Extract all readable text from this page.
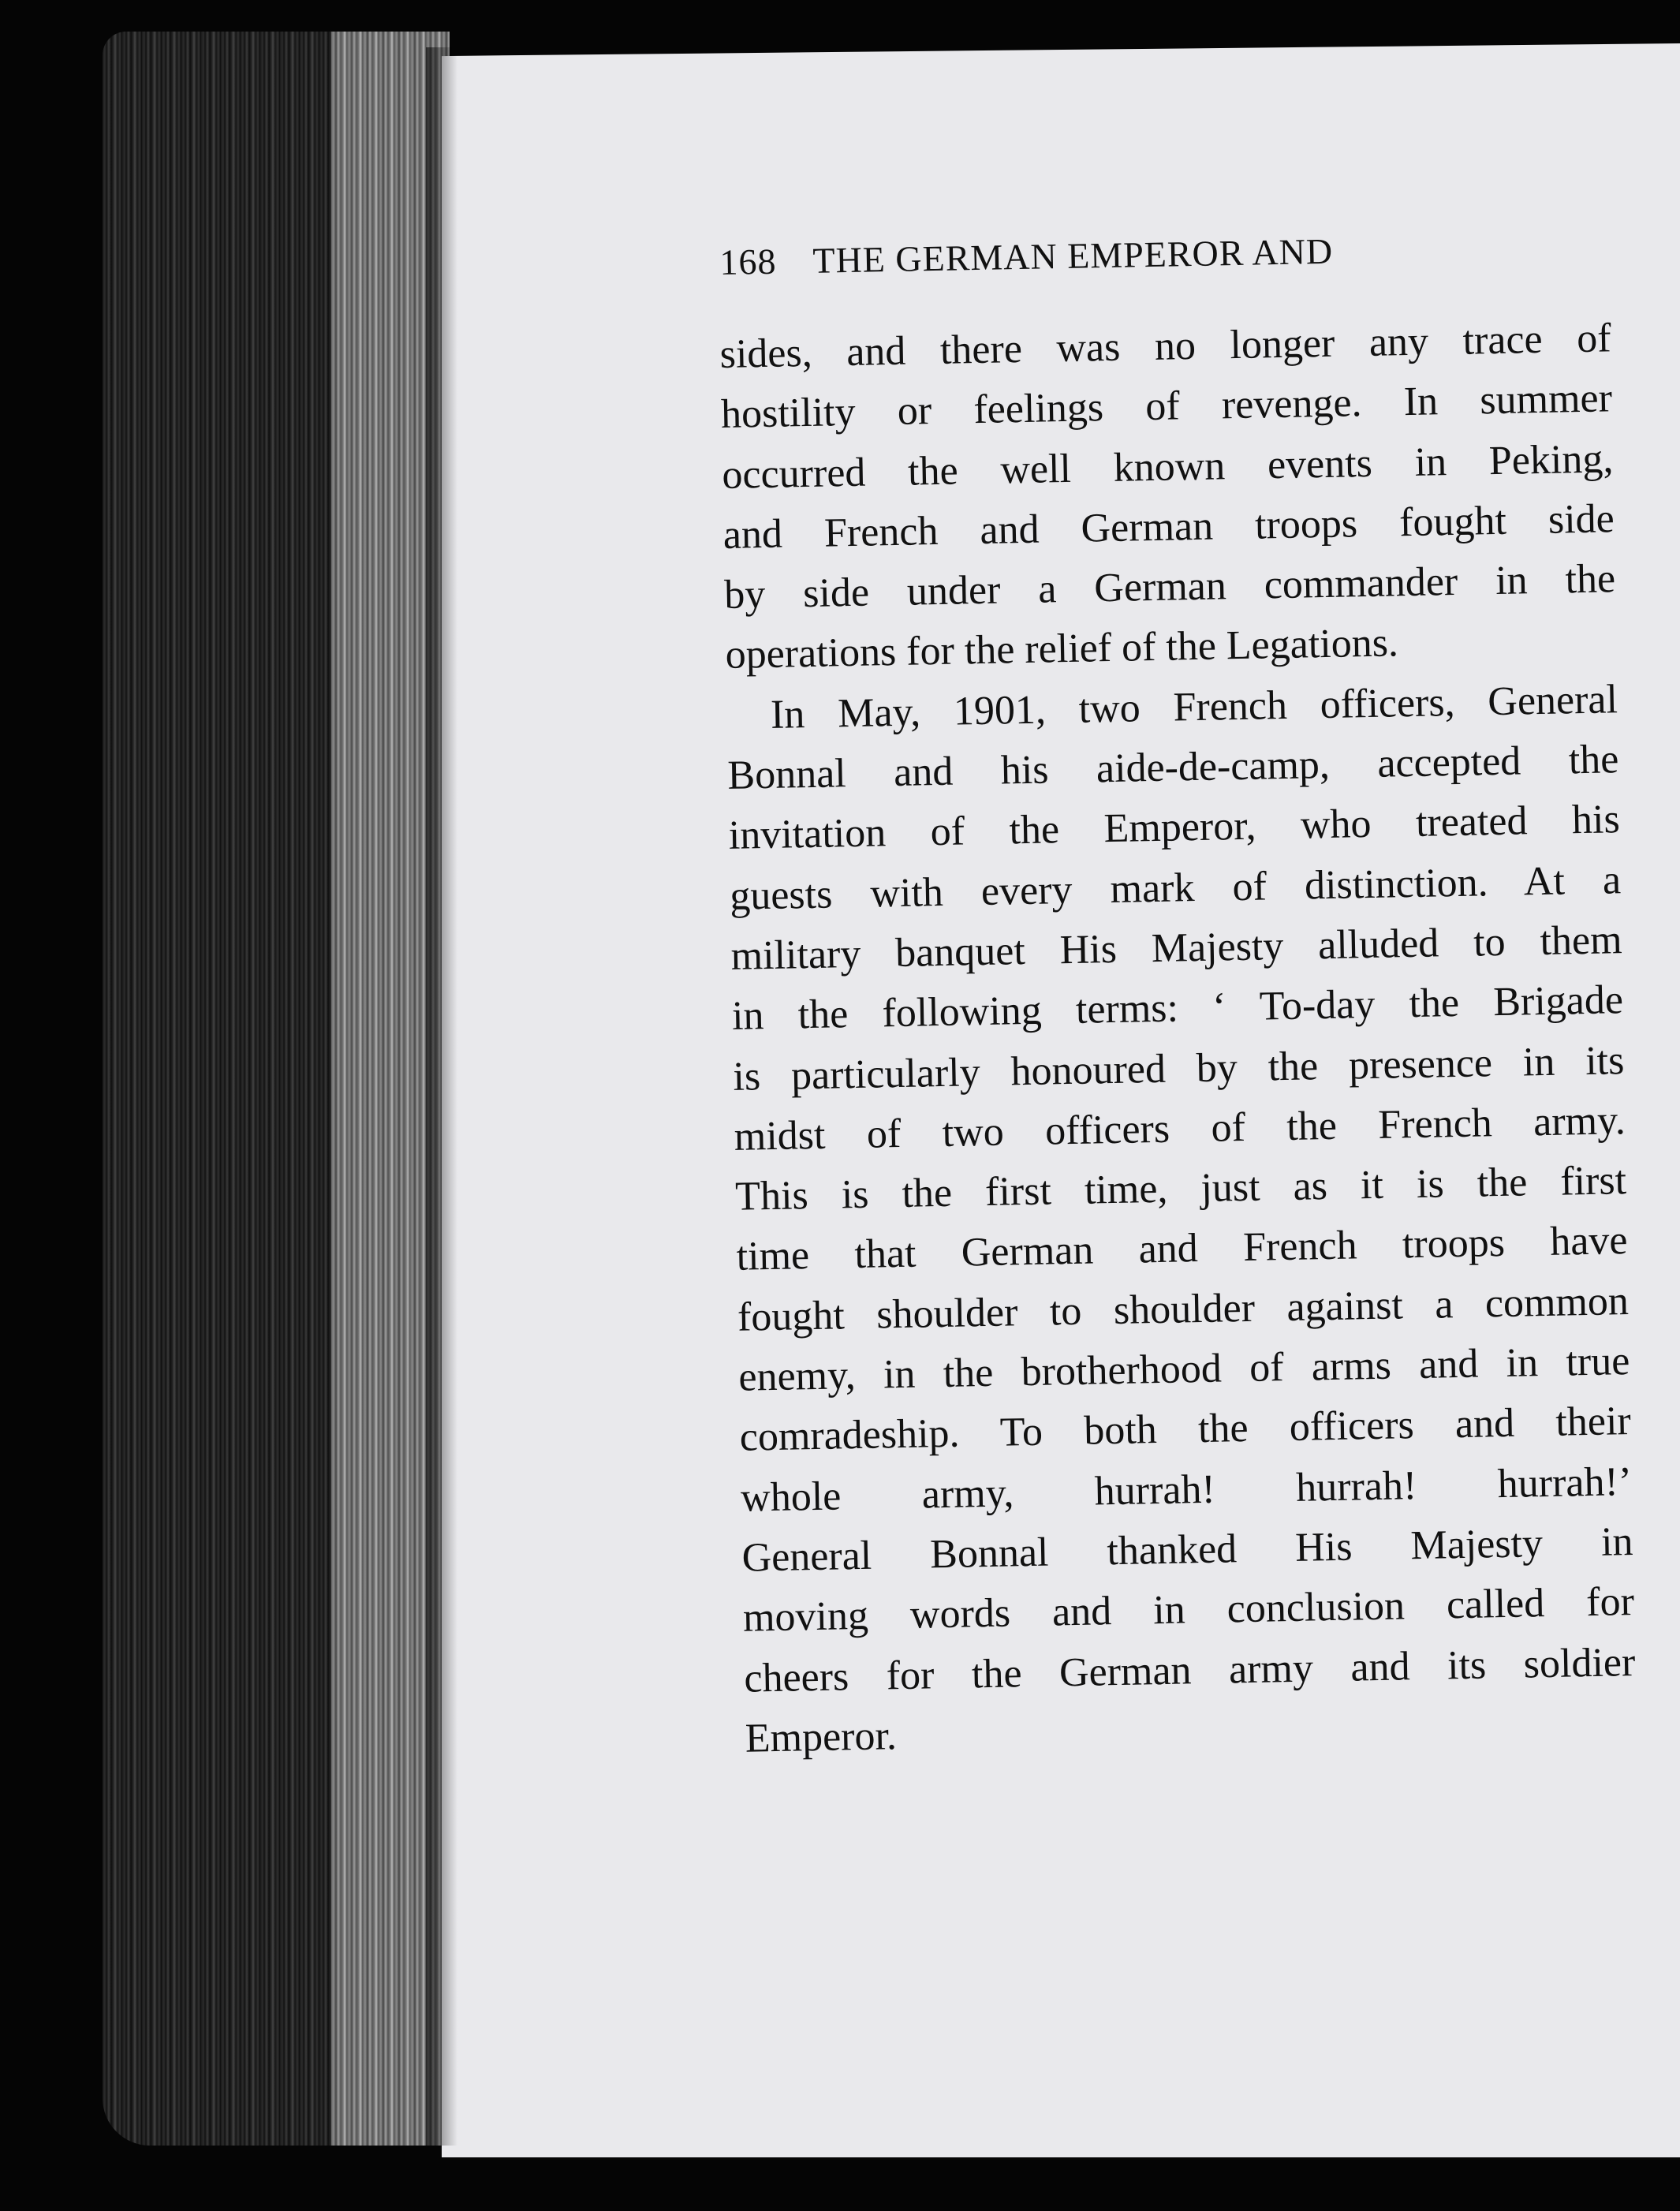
168 THE GERMAN EMPEROR AND
sides, and there was no longer any trace of
hostility or feelings of revenge. In summer
occurred the well known events in Peking,
and French and German troops fought side
by side under a German commander in the
operations for the relief of the Legations.
In May, 1901, two French officers, General
Bonnal and his aide-de-camp, accepted the
invitation of the Emperor, who treated his
guests with every mark of distinction. At a
military banquet His Majesty alluded to them
in the following terms: ‘ To-day the Brigade
is particularly honoured by the presence in its
midst of two officers of the French army.
This is the first time, just as it is the first
time that German and French troops have
fought shoulder to shoulder against a common
enemy, in the brotherhood of arms and in true
comradeship. To both the officers and their
whole army, hurrah! hurrah! hurrah!’
General Bonnal thanked His Majesty in
moving words and in conclusion called for
cheers for the German army and its soldier
Emperor.
